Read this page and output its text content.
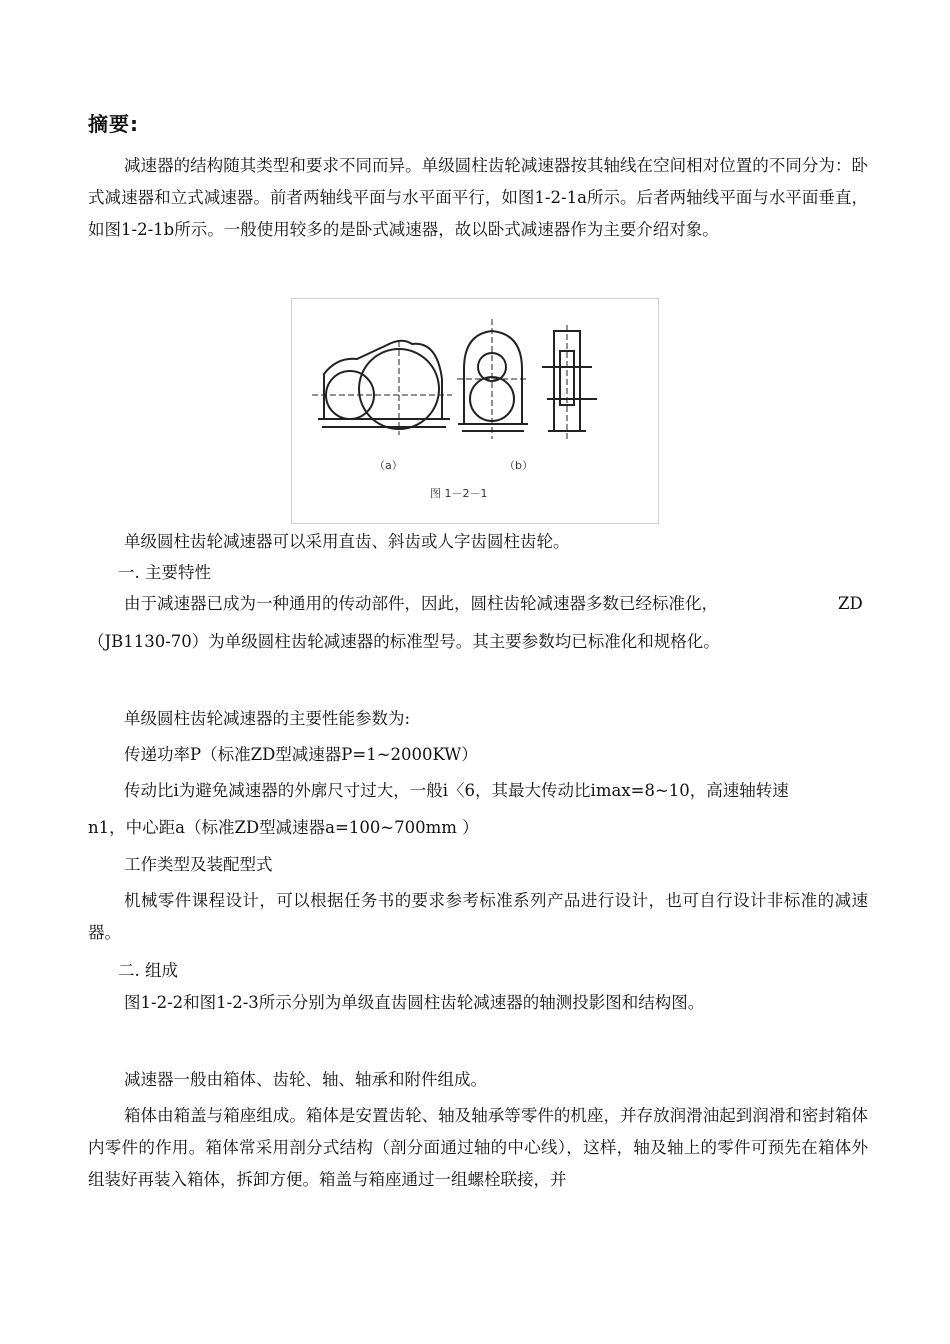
摘要:
减速器的结构随其类型和要求不同而异。单级圆柱齿轮减速器按其轴线在空间相对位置的不同分为：卧式减速器和立式减速器。前者两轴线平面与水平面平行，如图1-2-1a所示。后者两轴线平面与水平面垂直，如图1-2-1b所示。一般使用较多的是卧式减速器，故以卧式减速器作为主要介绍对象。
（a）	（b）
图 1－2－1
单级圆柱齿轮减速器可以采用直齿、斜齿或人字齿圆柱齿轮。
一. 主要特性
由于减速器已成为一种通用的传动部件，因此，圆柱齿轮减速器多数已经标准化，	ZD
（JB1130-70）为单级圆柱齿轮减速器的标准型号。其主要参数均已标准化和规格化。
单级圆柱齿轮减速器的主要性能参数为:
传递功率P（标准ZD型减速器P=1~2000KW）
传动比i为避免减速器的外廓尺寸过大，一般i〈6，其最大传动比imax=8~10，高速轴转速
n1，中心距a（标准ZD型减速器a=100~700mm ）
工作类型及装配型式
机械零件课程设计，可以根据任务书的要求参考标准系列产品进行设计，也可自行设计非标准的减速器。
二. 组成
图1-2-2和图1-2-3所示分别为单级直齿圆柱齿轮减速器的轴测投影图和结构图。
减速器一般由箱体、齿轮、轴、轴承和附件组成。
箱体由箱盖与箱座组成。箱体是安置齿轮、轴及轴承等零件的机座，并存放润滑油起到润滑和密封箱体内零件的作用。箱体常采用剖分式结构（剖分面通过轴的中心线），这样，轴及轴上的零件可预先在箱体外组装好再装入箱体，拆卸方便。箱盖与箱座通过一组螺栓联接，并
